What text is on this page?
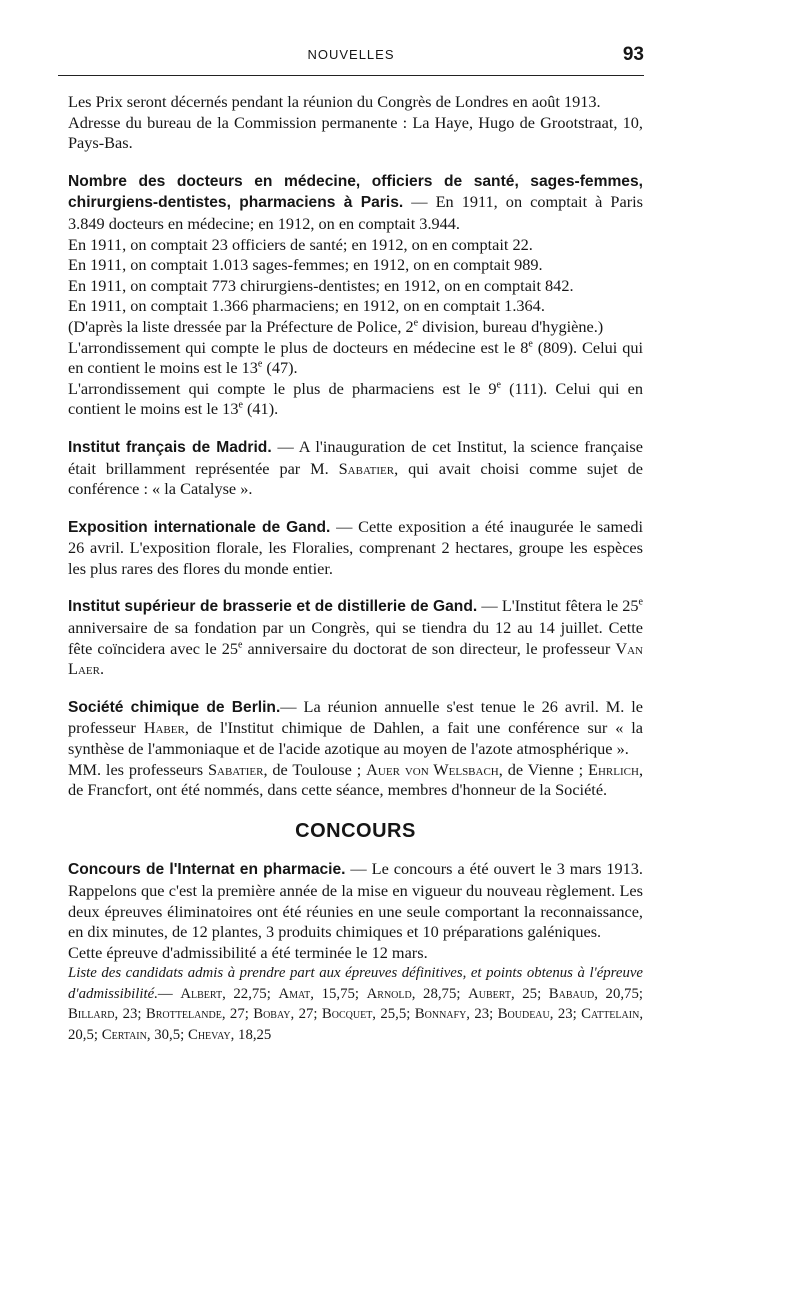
NOUVELLES	93

Les Prix seront décernés pendant la réunion du Congrès de Londres en août 1913.

Adresse du bureau de la Commission permanente : La Haye, Hugo de Grootstraat, 10, Pays-Bas.

Nombre des docteurs en médecine, officiers de santé, sages-femmes, chirurgiens-dentistes, pharmaciens à Paris. — En 1911, on comptait à Paris 3.849 docteurs en médecine; en 1912, on en comptait 3.944.

En 1911, on comptait 23 officiers de santé; en 1912, on en comptait 22.

En 1911, on comptait 1.013 sages-femmes; en 1912, on en comptait 989.

En 1911, on comptait 773 chirurgiens-dentistes; en 1912, on en comptait 842.

En 1911, on comptait 1.366 pharmaciens; en 1912, on en comptait 1.364.

(D'après la liste dressée par la Préfecture de Police, 2e division, bureau d'hygiène.)

L'arrondissement qui compte le plus de docteurs en médecine est le 8e (809). Celui qui en contient le moins est le 13e (47).

L'arrondissement qui compte le plus de pharmaciens est le 9e (111). Celui qui en contient le moins est le 13e (41).

Institut français de Madrid. — A l'inauguration de cet Institut, la science française était brillamment représentée par M. Sabatier, qui avait choisi comme sujet de conférence : « la Catalyse ».

Exposition internationale de Gand. — Cette exposition a été inaugurée le samedi 26 avril. L'exposition florale, les Floralies, comprenant 2 hectares, groupe les espèces les plus rares des flores du monde entier.

Institut supérieur de brasserie et de distillerie de Gand. — L'Institut fêtera le 25e anniversaire de sa fondation par un Congrès, qui se tiendra du 12 au 14 juillet. Cette fête coïncidera avec le 25e anniversaire du doctorat de son directeur, le professeur Van Laer.

Société chimique de Berlin.— La réunion annuelle s'est tenue le 26 avril. M. le professeur Haber, de l'Institut chimique de Dahlen, a fait une conférence sur « la synthèse de l'ammoniaque et de l'acide azotique au moyen de l'azote atmosphérique ».

MM. les professeurs Sabatier, de Toulouse ; Auer von Welsbach, de Vienne ; Ehrlich, de Francfort, ont été nommés, dans cette séance, membres d'honneur de la Société.

CONCOURS

Concours de l'Internat en pharmacie. — Le concours a été ouvert le 3 mars 1913. Rappelons que c'est la première année de la mise en vigueur du nouveau règlement. Les deux épreuves éliminatoires ont été réunies en une seule comportant la reconnaissance, en dix minutes, de 12 plantes, 3 produits chimiques et 10 préparations galéniques.

Cette épreuve d'admissibilité a été terminée le 12 mars.

Liste des candidats admis à prendre part aux épreuves définitives, et points obtenus à l'épreuve d'admissibilité.— Albert, 22,75; Amat, 15,75; Arnold, 28,75; Aubert, 25; Babaud, 20,75; Billard, 23; Brottelande, 27; Bobay, 27; Bocquet, 25,5; Bonnafy, 23; Boudeau, 23; Cattelain, 20,5; Certain, 30,5; Chevay, 18,25
